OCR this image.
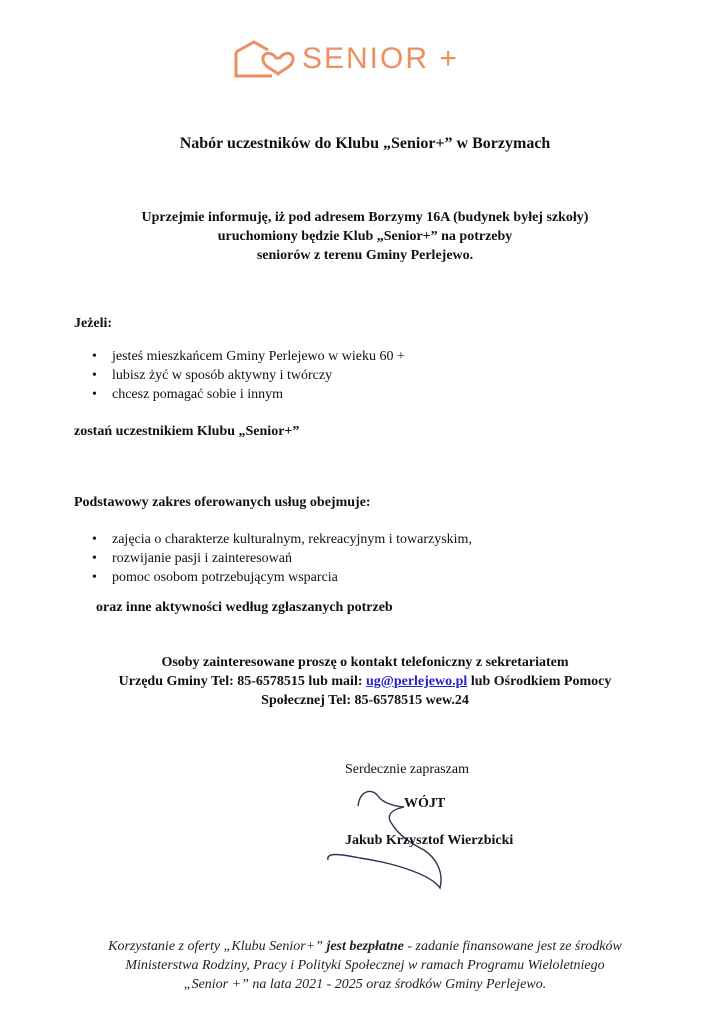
SENIOR +
Nabór uczestników do Klubu „Senior+” w Borzymach
Uprzejmie informuję, iż pod adresem Borzymy 16A (budynek byłej szkoły)
uruchomiony będzie Klub „Senior+” na potrzeby
seniorów z terenu Gminy Perlejewo.
Jeżeli:
• jesteś mieszkańcem Gminy Perlejewo w wieku 60 +
• lubisz żyć w sposób aktywny i twórczy
• chcesz pomagać sobie i innym
zostań uczestnikiem Klubu „Senior+”
Podstawowy zakres oferowanych usług obejmuje:
• zajęcia o charakterze kulturalnym, rekreacyjnym i towarzyskim,
• rozwijanie pasji i zainteresowań
• pomoc osobom potrzebującym wsparcia
oraz inne aktywności według zgłaszanych potrzeb
Osoby zainteresowane proszę o kontakt telefoniczny z sekretariatem
Urzędu Gminy Tel: 85-6578515 lub mail: ug@perlejewo.pl lub Ośrodkiem Pomocy
Społecznej Tel: 85-6578515 wew.24
Serdecznie zapraszam
WÓJT
Jakub Krzysztof Wierzbicki
Korzystanie z oferty „Klubu Senior+” jest bezpłatne - zadanie finansowane jest ze środków
Ministerstwa Rodziny, Pracy i Polityki Społecznej w ramach Programu Wieloletniego
„Senior +” na lata 2021 - 2025 oraz środków Gminy Perlejewo.
